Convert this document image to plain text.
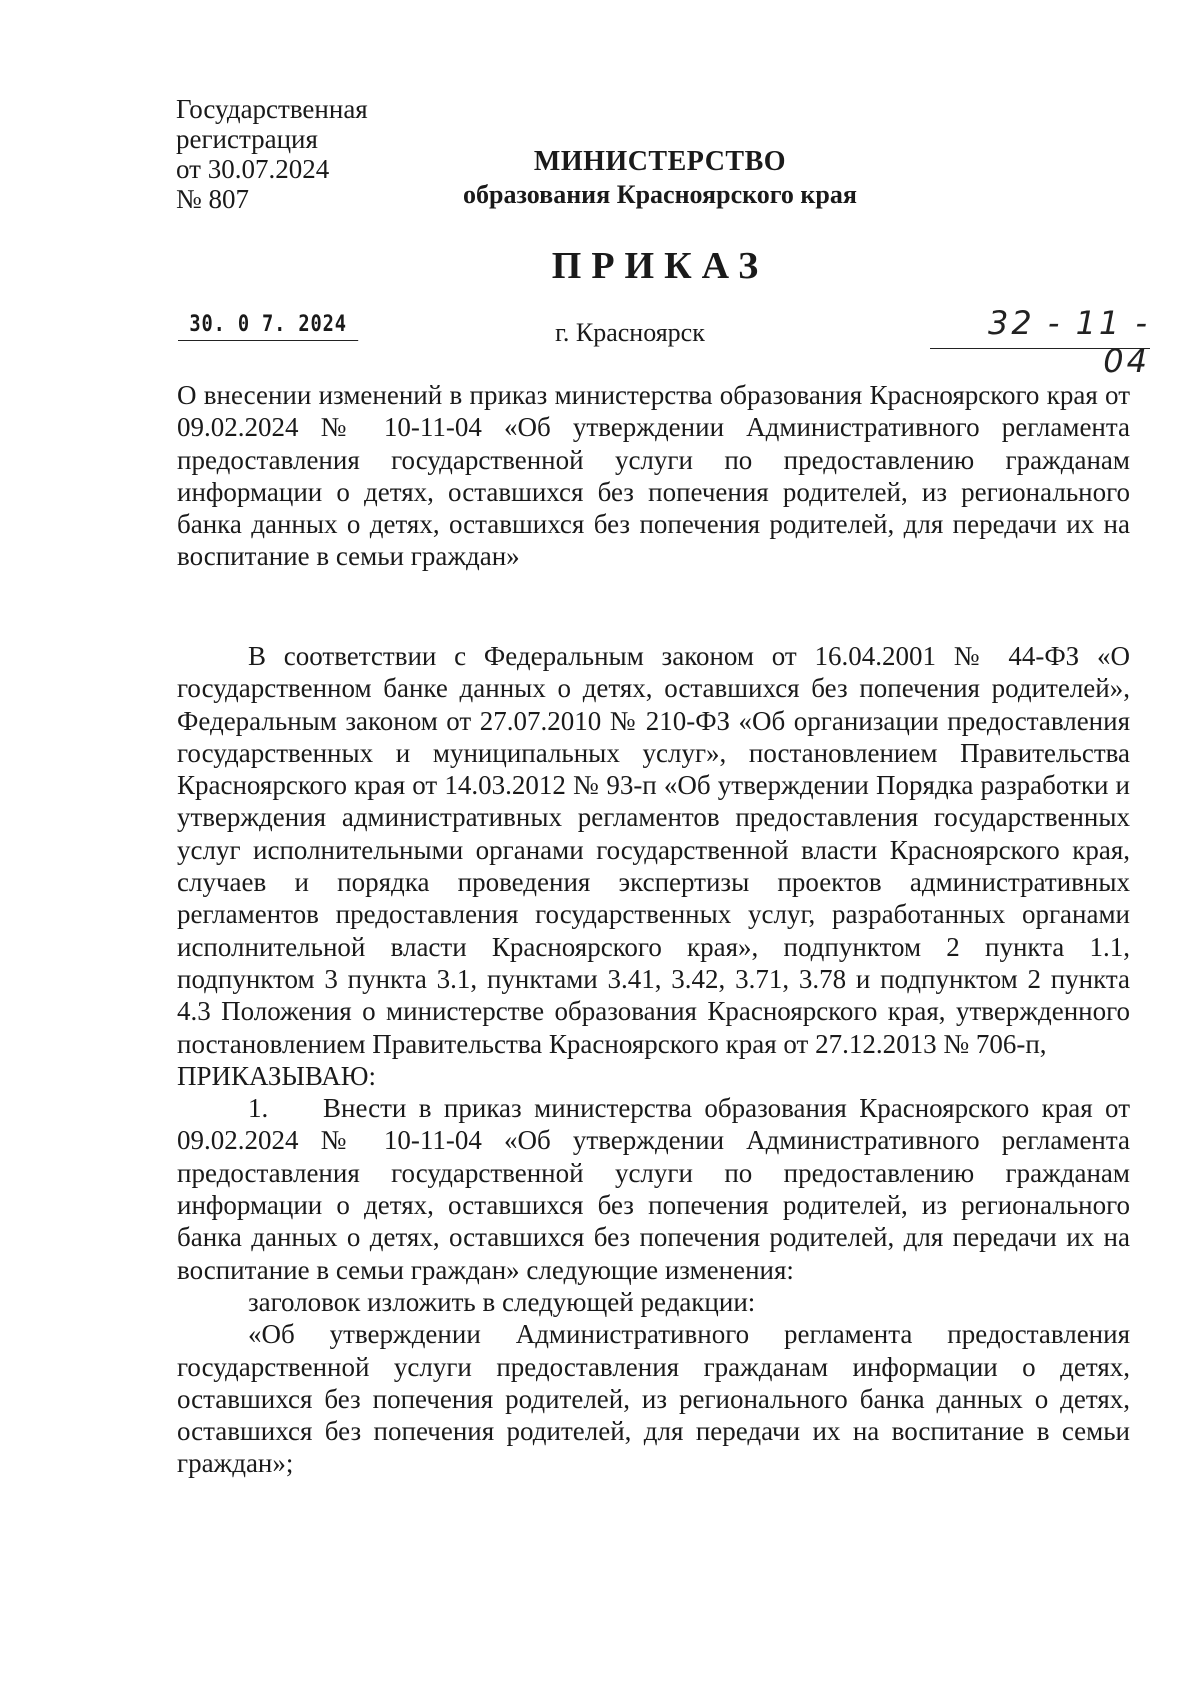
Государственная
регистрация
от 30.07.2024
№ 807
МИНИСТЕРСТВО
образования Красноярского края
ПРИКАЗ
30. 0 7. 2024	г. Красноярск	32 - 11 - 04
О внесении изменений в приказ министерства образования Красноярского края от 09.02.2024 № 10-11-04 «Об утверждении Административного регламента предоставления государственной услуги по предоставлению гражданам информации о детях, оставшихся без попечения родителей, из регионального банка данных о детях, оставшихся без попечения родителей, для передачи их на воспитание в семьи граждан»

В соответствии с Федеральным законом от 16.04.2001 № 44-ФЗ «О государственном банке данных о детях, оставшихся без попечения родителей», Федеральным законом от 27.07.2010 № 210-ФЗ «Об организации предоставления государственных и муниципальных услуг», постановлением Правительства Красноярского края от 14.03.2012 № 93-п «Об утверждении Порядка разработки и утверждения административных регламентов предоставления государственных услуг исполнительными органами государственной власти Красноярского края, случаев и порядка проведения экспертизы проектов административных регламентов предоставления государственных услуг, разработанных органами исполнительной власти Красноярского края», подпунктом 2 пункта 1.1, подпунктом 3 пункта 3.1, пунктами 3.41, 3.42, 3.71, 3.78 и подпунктом 2 пункта 4.3 Положения о министерстве образования Красноярского края, утвержденного постановлением Правительства Красноярского края от 27.12.2013 № 706-п,

ПРИКАЗЫВАЮ:

1. Внести в приказ министерства образования Красноярского края от 09.02.2024 № 10-11-04 «Об утверждении Административного регламента предоставления государственной услуги по предоставлению гражданам информации о детях, оставшихся без попечения родителей, из регионального банка данных о детях, оставшихся без попечения родителей, для передачи их на воспитание в семьи граждан» следующие изменения:

заголовок изложить в следующей редакции:

«Об утверждении Административного регламента предоставления государственной услуги предоставления гражданам информации о детях, оставшихся без попечения родителей, из регионального банка данных о детях, оставшихся без попечения родителей, для передачи их на воспитание в семьи граждан»;
